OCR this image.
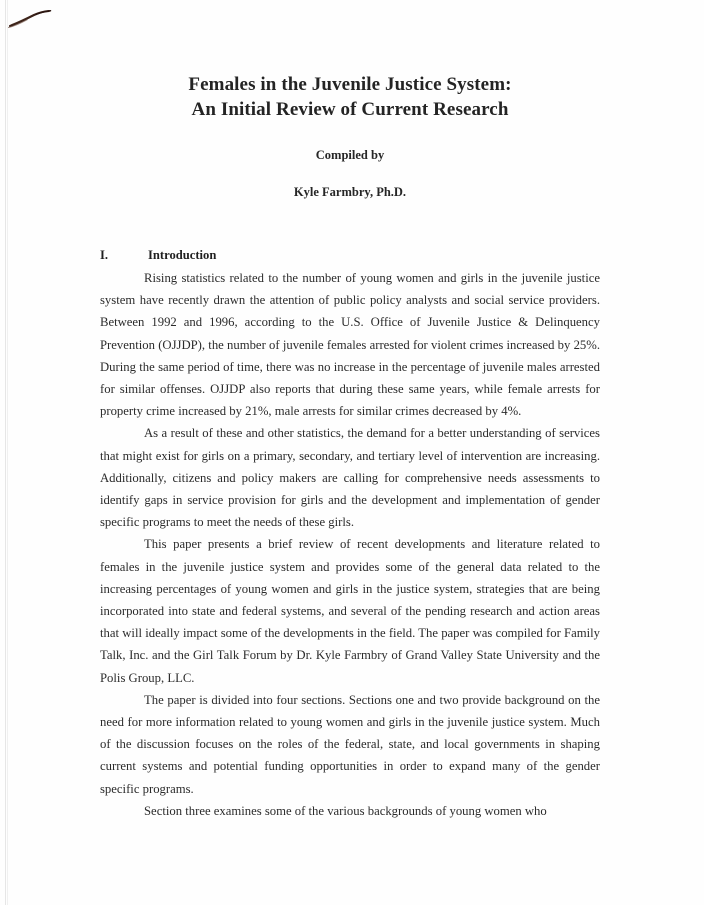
Females in the Juvenile Justice System:
An Initial Review of Current Research
Compiled by
Kyle Farmbry, Ph.D.
I.	Introduction

Rising statistics related to the number of young women and girls in the juvenile justice system have recently drawn the attention of public policy analysts and social service providers. Between 1992 and 1996, according to the U.S. Office of Juvenile Justice & Delinquency Prevention (OJJDP), the number of juvenile females arrested for violent crimes increased by 25%. During the same period of time, there was no increase in the percentage of juvenile males arrested for similar offenses. OJJDP also reports that during these same years, while female arrests for property crime increased by 21%, male arrests for similar crimes decreased by 4%.

As a result of these and other statistics, the demand for a better understanding of services that might exist for girls on a primary, secondary, and tertiary level of intervention are increasing. Additionally, citizens and policy makers are calling for comprehensive needs assessments to identify gaps in service provision for girls and the development and implementation of gender specific programs to meet the needs of these girls.

This paper presents a brief review of recent developments and literature related to females in the juvenile justice system and provides some of the general data related to the increasing percentages of young women and girls in the justice system, strategies that are being incorporated into state and federal systems, and several of the pending research and action areas that will ideally impact some of the developments in the field. The paper was compiled for Family Talk, Inc. and the Girl Talk Forum by Dr. Kyle Farmbry of Grand Valley State University and the Polis Group, LLC.

The paper is divided into four sections. Sections one and two provide background on the need for more information related to young women and girls in the juvenile justice system. Much of the discussion focuses on the roles of the federal, state, and local governments in shaping current systems and potential funding opportunities in order to expand many of the gender specific programs.

Section three examines some of the various backgrounds of young women who
